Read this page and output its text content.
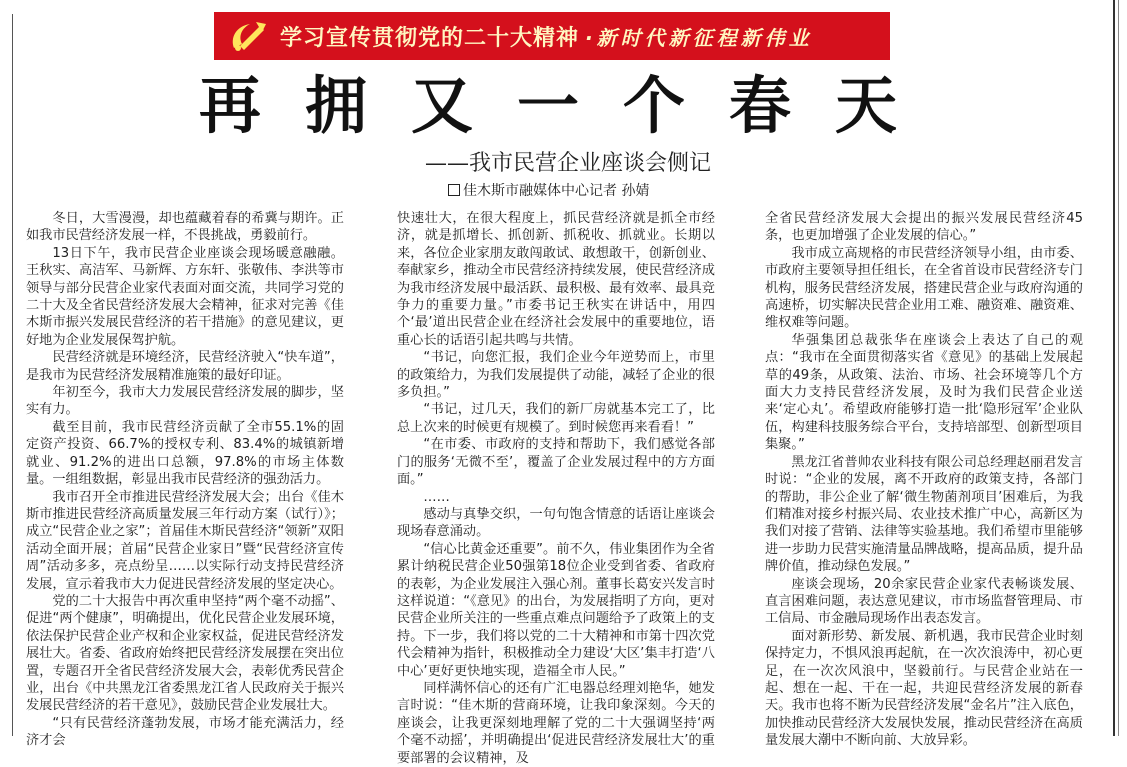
学习宣传贯彻党的二十大精神 ·新时代新征程新伟业
再拥又一个春天
——我市民营企业座谈会侧记
佳木斯市融媒体中心记者 孙婧

冬日，大雪漫漫，却也蕴藏着春的希冀与期许。正如我市民营经济发展一样，不畏挑战，勇毅前行。

13日下午，我市民营企业座谈会现场暖意融融。王秋实、高洁军、马新辉、方东轩、张敬伟、李洪等市领导与部分民营企业家代表面对面交流，共同学习党的二十大及全省民营经济发展大会精神，征求对完善《佳木斯市振兴发展民营经济的若干措施》的意见建议，更好地为企业发展保驾护航。

民营经济就是环境经济，民营经济驶入“快车道”，是我市为民营经济发展精准施策的最好印证。

年初至今，我市大力发展民营经济发展的脚步，坚实有力。

截至目前，我市民营经济贡献了全市55.1%的固定资产投资、66.7%的授权专利、83.4%的城镇新增就业、91.2%的进出口总额，97.8%的市场主体数量。一组组数据，彰显出我市民营经济的强劲活力。

我市召开全市推进民营经济发展大会；出台《佳木斯市推进民营经济高质量发展三年行动方案（试行）》；成立“民营企业之家”；首届佳木斯民营经济“领新”双阳活动全面开展；首届“民营企业家日”暨“民营经济宣传周”活动多多，亮点纷呈……以实际行动支持民营经济发展，宣示着我市大力促进民营经济发展的坚定决心。

党的二十大报告中再次重申坚持“两个毫不动摇”、促进“两个健康”，明确提出，优化民营企业发展环境，依法保护民营企业产权和企业家权益，促进民营经济发展壮大。省委、省政府始终把民营经济发展摆在突出位置，专题召开全省民营经济发展大会，表彰优秀民营企业，出台《中共黑龙江省委黑龙江省人民政府关于振兴发展民营经济的若干意见》，鼓励民营企业发展壮大。

“只有民营经济蓬勃发展，市场才能充满活力，经济才会

快速壮大，在很大程度上，抓民营经济就是抓全市经济，就是抓增长、抓创新、抓税收、抓就业。长期以来，各位企业家朋友敢闯敢试、敢想敢干，创新创业、奉献家乡，推动全市民营经济持续发展，使民营经济成为我市经济发展中最活跃、最积极、最有效率、最具竞争力的重要力量。”市委书记王秋实在讲话中，用四个‘最’道出民营企业在经济社会发展中的重要地位，语重心长的话语引起共鸣与共情。

“书记，向您汇报，我们企业今年逆势而上，市里的政策给力，为我们发展提供了动能，减轻了企业的很多负担。”

“书记，过几天，我们的新厂房就基本完工了，比总上次来的时候更有规模了。到时候您再来看看！”

“在市委、市政府的支持和帮助下，我们感觉各部门的服务‘无微不至’，覆盖了企业发展过程中的方方面面。”

……

感动与真挚交织，一句句饱含情意的话语让座谈会现场春意涌动。

“信心比黄金还重要”。前不久，伟业集团作为全省累计纳税民营企业50强第18位企业受到省委、省政府的表彰，为企业发展注入强心剂。董事长葛安兴发言时这样说道：“《意见》的出台，为发展指明了方向，更对民营企业所关注的一些重点难点问题给予了政策上的支持。下一步，我们将以党的二十大精神和市第十四次党代会精神为指针，积极推动全力建设‘大区’集丰打造‘八中心’更好更快地实现，造福全市人民。”

同样满怀信心的还有广汇电器总经理刘艳华，她发言时说：“佳木斯的营商环境，让我印象深刻。今天的座谈会，让我更深刻地理解了党的二十大强调坚持‘两个毫不动摇’，并明确提出‘促进民营经济发展壮大’的重要部署的会议精神，及

全省民营经济发展大会提出的振兴发展民营经济45条，也更加增强了企业发展的信心。”

我市成立高规格的市民营经济领导小组，由市委、市政府主要领导担任组长，在全省首设市民营经济专门机构，服务民营经济发展，搭建民营企业与政府沟通的高速桥，切实解决民营企业用工难、融资难、融资难、维权难等问题。

华强集团总裁张华在座谈会上表达了自己的观点：“我市在全面贯彻落实省《意见》的基础上发展起草的49条，从政策、法治、市场、社会环境等几个方面大力支持民营经济发展，及时为我们民营企业送来‘定心丸’。希望政府能够打造一批‘隐形冠军’企业队伍，构建科技服务综合平台，支持培部型、创新型项目集聚。”

黑龙江省普帅农业科技有限公司总经理赵丽君发言时说：“企业的发展，离不开政府的政策支持，各部门的帮助，非公企业了解‘微生物菌剂项目’困难后，为我们精准对接乡村振兴局、农业技术推广中心，高新区为我们对接了营销、法律等实验基地。我们希望市里能够进一步助力民营实施清量品牌战略，提高品质，提升品牌价值，推动绿色发展。”

座谈会现场，20余家民营企业家代表畅谈发展、直言困难问题，表达意见建议，市市场监督管理局、市工信局、市金融局现场作出表态发言。

面对新形势、新发展、新机遇，我市民营企业时刻保持定力，不惧风浪再起航，在一次次浪涛中，初心更足，在一次次风浪中，坚毅前行。与民营企业站在一起、想在一起、干在一起，共迎民营经济发展的新春天。我市也将不断为民营经济发展“金名片”注入底色，加快推动民营经济大发展快发展，推动民营经济在高质量发展大潮中不断向前、大放异彩。
